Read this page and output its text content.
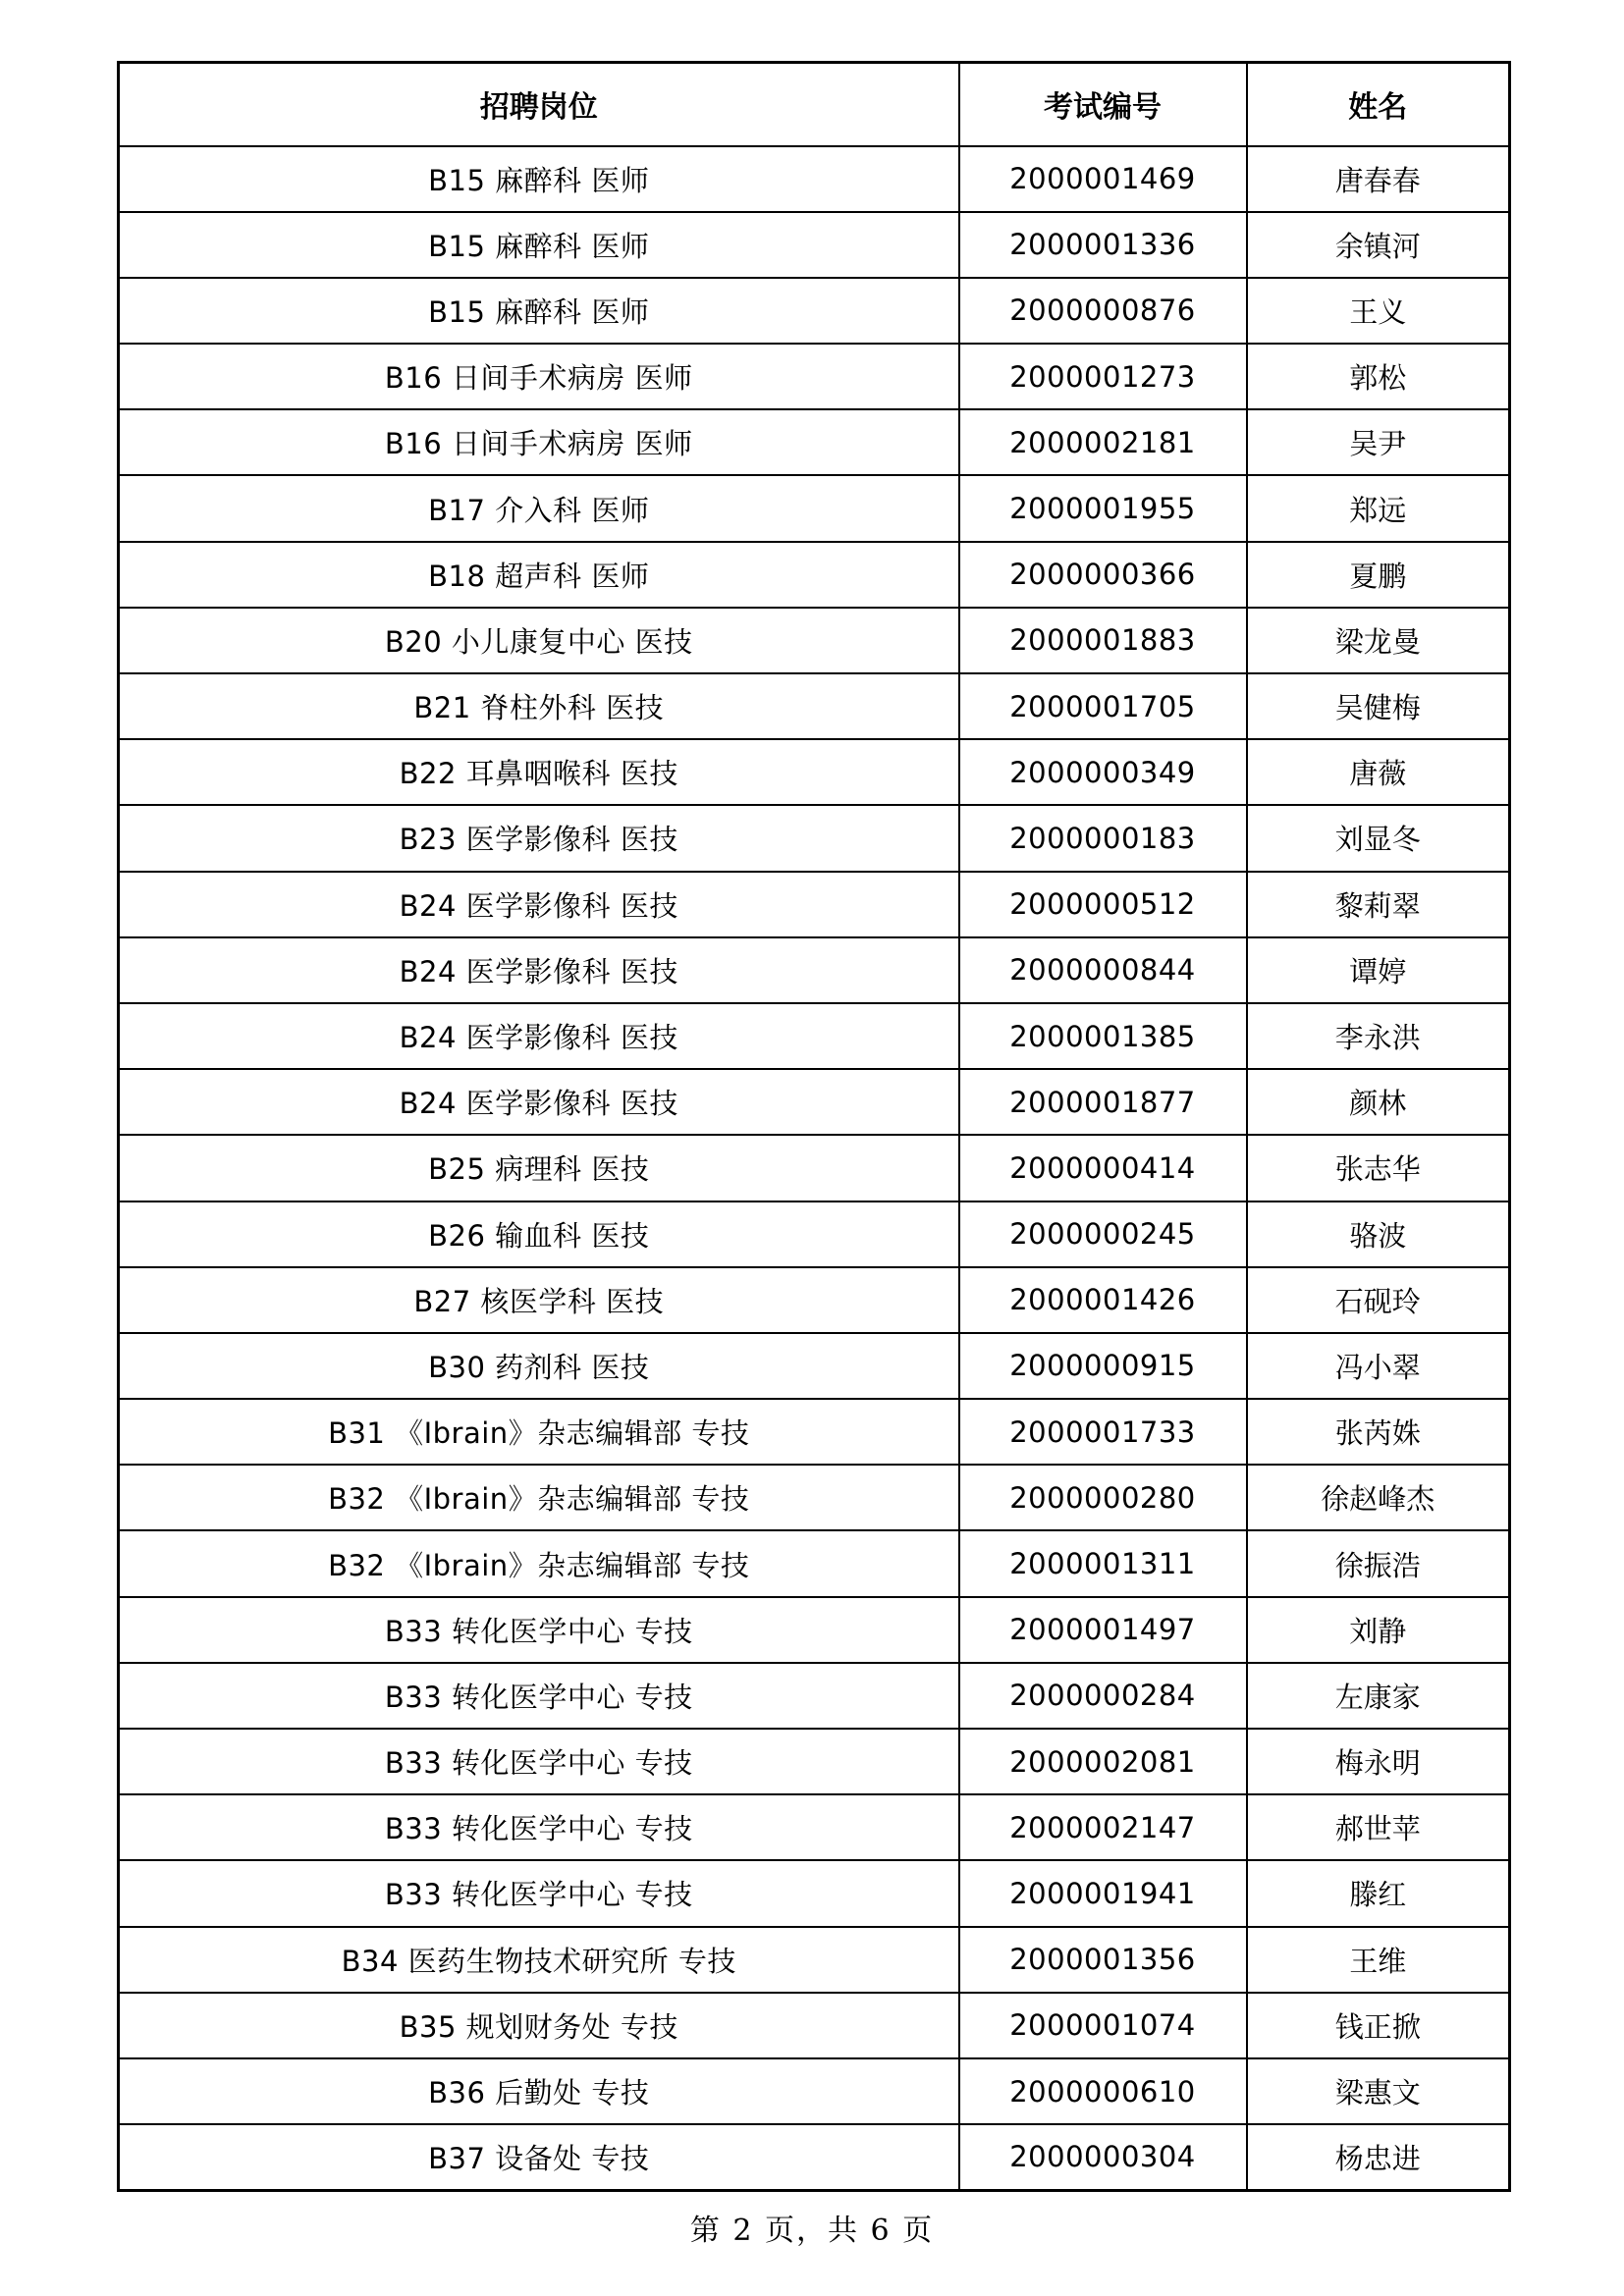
招聘岗位	考试编号	姓名
B15 麻醉科 医师	2000001469	唐春春
B15 麻醉科 医师	2000001336	余镇河
B15 麻醉科 医师	2000000876	王义
B16 日间手术病房 医师	2000001273	郭松
B16 日间手术病房 医师	2000002181	吴尹
B17 介入科 医师	2000001955	郑远
B18 超声科 医师	2000000366	夏鹏
B20 小儿康复中心 医技	2000001883	梁龙曼
B21 脊柱外科 医技	2000001705	吴健梅
B22 耳鼻咽喉科 医技	2000000349	唐薇
B23 医学影像科 医技	2000000183	刘显冬
B24 医学影像科 医技	2000000512	黎莉翠
B24 医学影像科 医技	2000000844	谭婷
B24 医学影像科 医技	2000001385	李永洪
B24 医学影像科 医技	2000001877	颜林
B25 病理科 医技	2000000414	张志华
B26 输血科 医技	2000000245	骆波
B27 核医学科 医技	2000001426	石砚玲
B30 药剂科 医技	2000000915	冯小翠
B31 《Ibrain》杂志编辑部 专技	2000001733	张芮姝
B32 《Ibrain》杂志编辑部 专技	2000000280	徐赵峰杰
B32 《Ibrain》杂志编辑部 专技	2000001311	徐振浩
B33 转化医学中心 专技	2000001497	刘静
B33 转化医学中心 专技	2000000284	左康家
B33 转化医学中心 专技	2000002081	梅永明
B33 转化医学中心 专技	2000002147	郝世苹
B33 转化医学中心 专技	2000001941	滕红
B34 医药生物技术研究所 专技	2000001356	王维
B35 规划财务处 专技	2000001074	钱正掀
B36 后勤处 专技	2000000610	梁惠文
B37 设备处 专技	2000000304	杨忠进
第 2 页，共 6 页
